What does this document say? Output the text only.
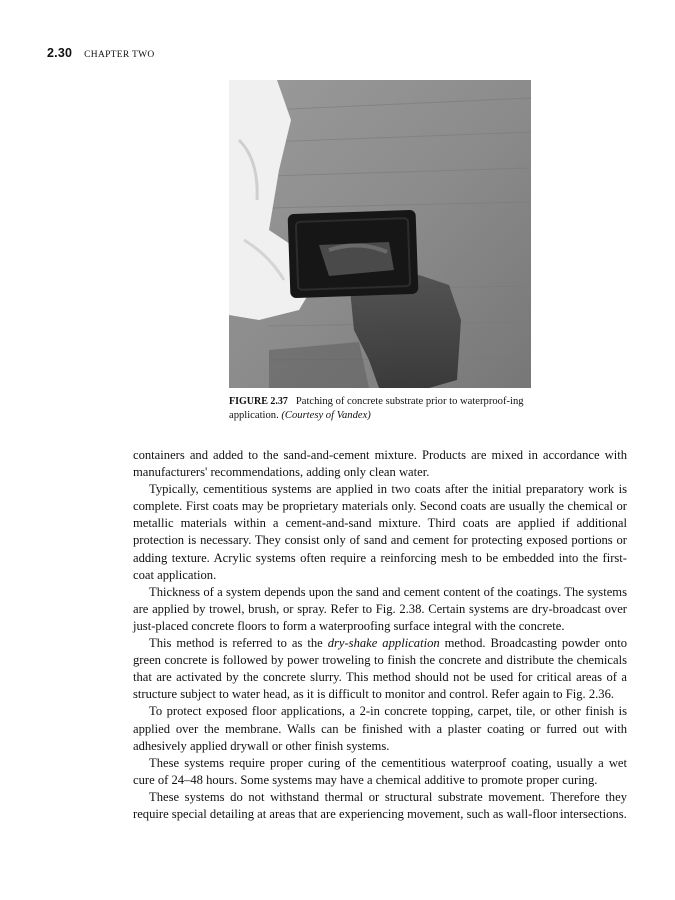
2.30 CHAPTER TWO
FIGURE 2.37 Patching of concrete substrate prior to waterproof-ing application. (Courtesy of Vandex)

containers and added to the sand-and-cement mixture. Products are mixed in accordance with manufacturers' recommendations, adding only clean water.

Typically, cementitious systems are applied in two coats after the initial preparatory work is complete. First coats may be proprietary materials only. Second coats are usually the chemical or metallic materials within a cement-and-sand mixture. Third coats are applied if additional protection is necessary. They consist only of sand and cement for protecting exposed portions or adding texture. Acrylic systems often require a reinforcing mesh to be embedded into the first-coat application.

Thickness of a system depends upon the sand and cement content of the coatings. The systems are applied by trowel, brush, or spray. Refer to Fig. 2.38. Certain systems are dry-broadcast over just-placed concrete floors to form a waterproofing surface integral with the concrete.

This method is referred to as the dry-shake application method. Broadcasting powder onto green concrete is followed by power troweling to finish the concrete and distribute the chemicals that are activated by the concrete slurry. This method should not be used for critical areas of a structure subject to water head, as it is difficult to monitor and control. Refer again to Fig. 2.36.

To protect exposed floor applications, a 2-in concrete topping, carpet, tile, or other finish is applied over the membrane. Walls can be finished with a plaster coating or furred out with adhesively applied drywall or other finish systems.

These systems require proper curing of the cementitious waterproof coating, usually a wet cure of 24–48 hours. Some systems may have a chemical additive to promote proper curing.

These systems do not withstand thermal or structural substrate movement. Therefore they require special detailing at areas that are experiencing movement, such as wall-floor intersections.
